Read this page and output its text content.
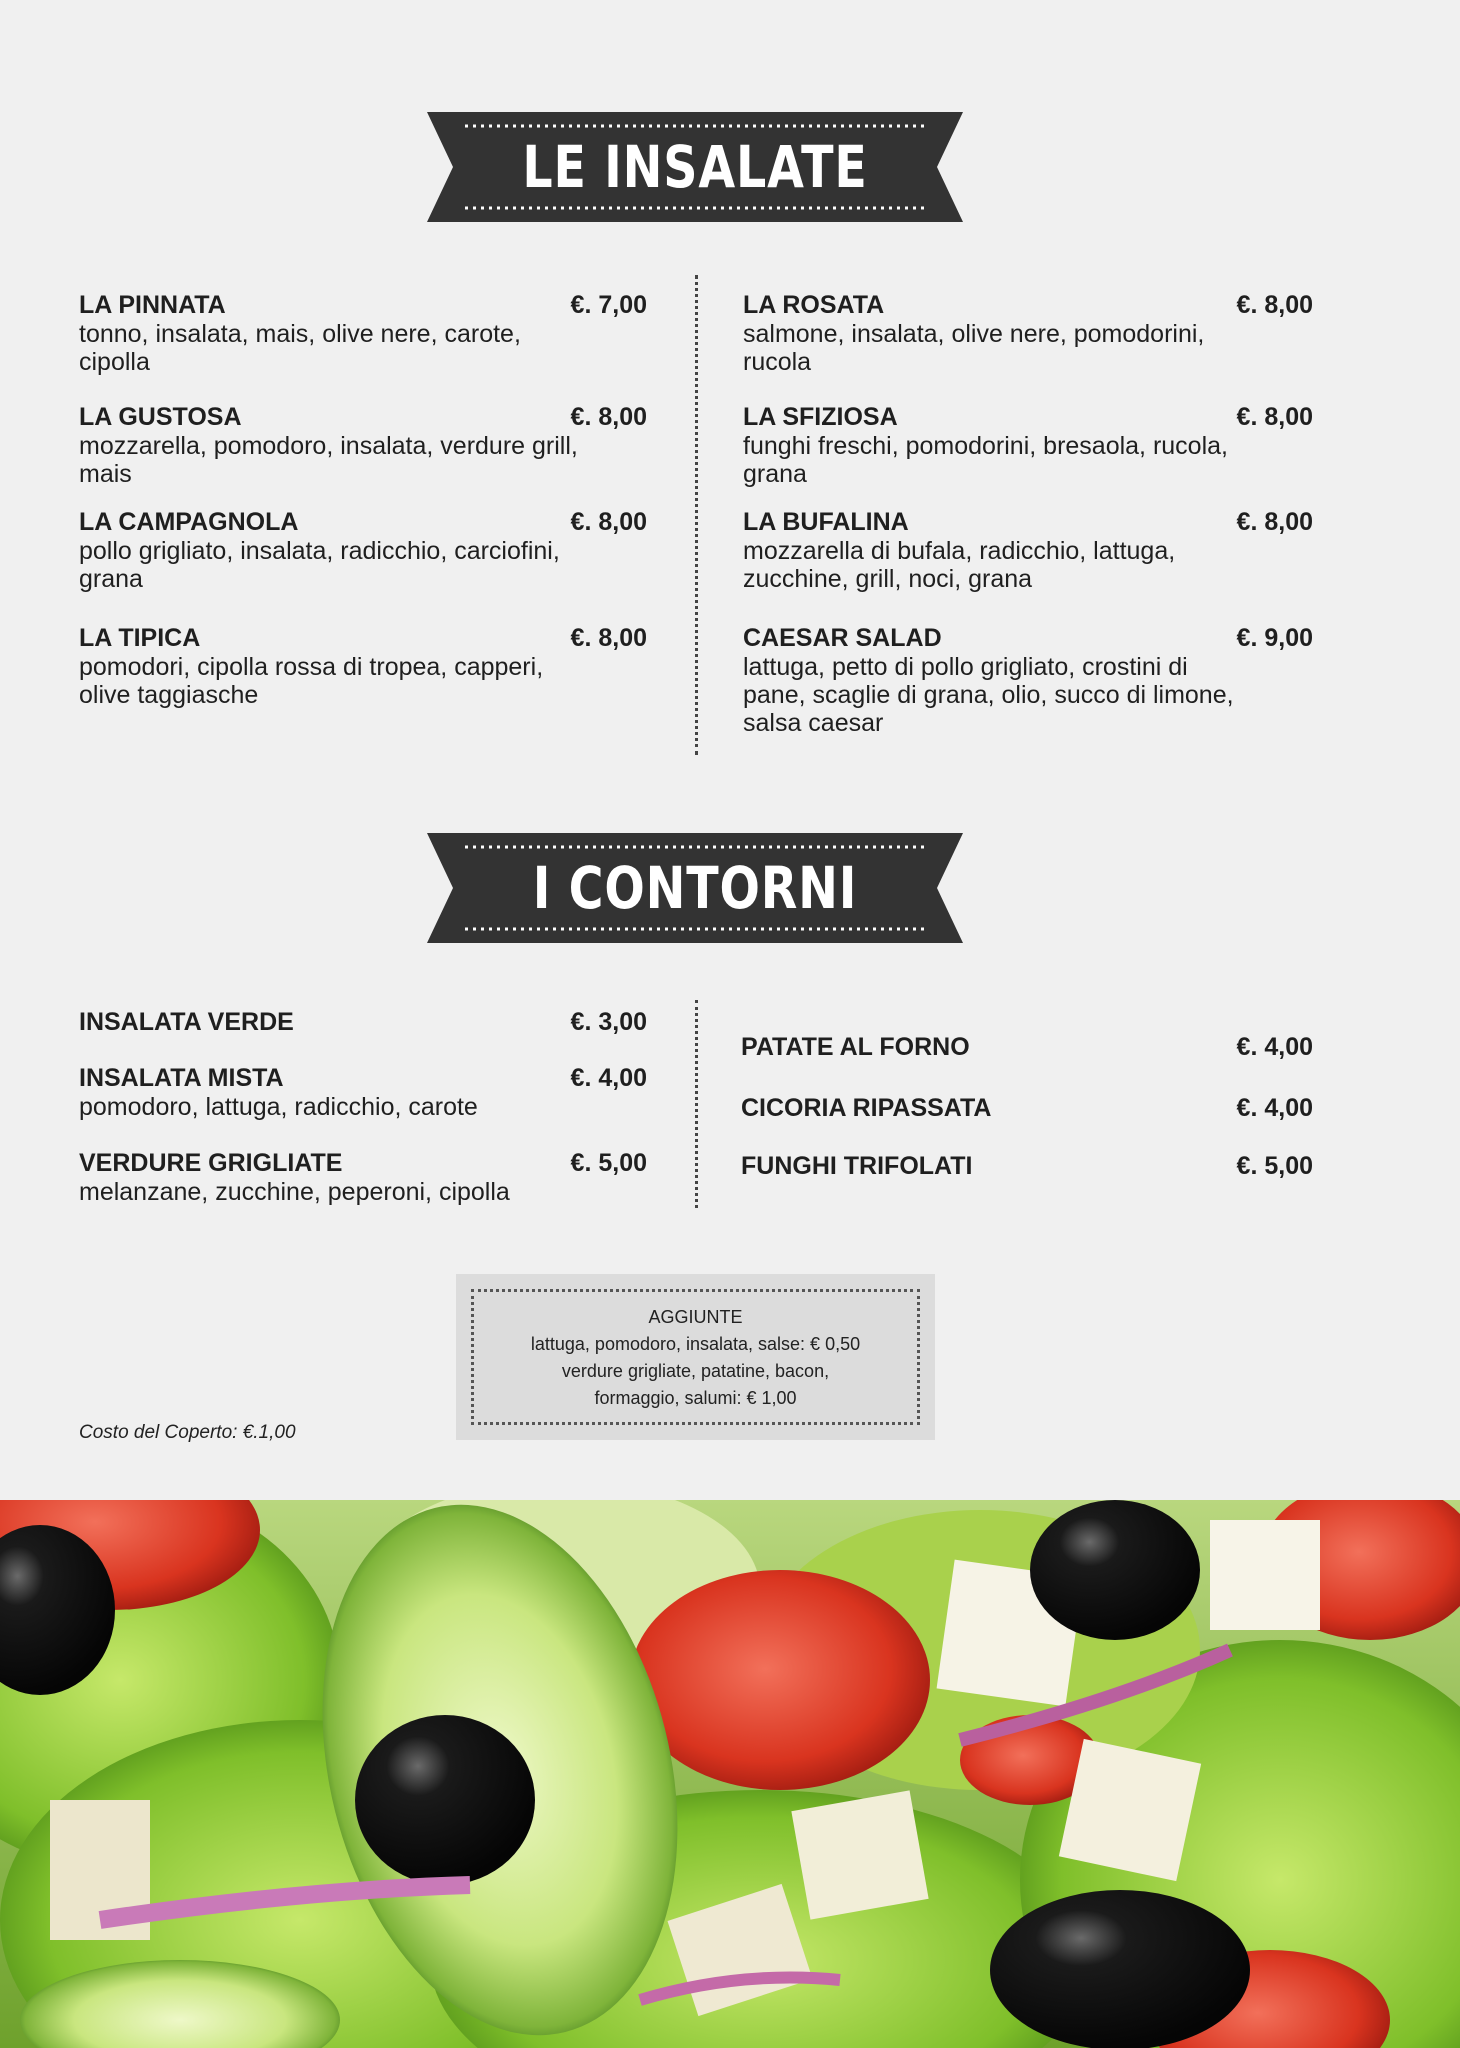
LE INSALATE
LA PINNATA	€. 7,00
tonno, insalata, mais, olive nere, carote, cipolla
LA GUSTOSA	€. 8,00
mozzarella, pomodoro, insalata, verdure grill, mais
LA CAMPAGNOLA	€. 8,00
pollo grigliato, insalata, radicchio, carciofini, grana
LA TIPICA	€. 8,00
pomodori, cipolla rossa di tropea, capperi, olive taggiasche
LA ROSATA	€. 8,00
salmone, insalata, olive nere, pomodorini, rucola
LA SFIZIOSA	€. 8,00
funghi freschi, pomodorini, bresaola, rucola, grana
LA BUFALINA	€. 8,00
mozzarella di bufala, radicchio, lattuga, zucchine, grill, noci, grana
CAESAR SALAD	€. 9,00
lattuga, petto di pollo grigliato, crostini di pane, scaglie di grana, olio, succo di limone, salsa caesar
I CONTORNI
INSALATA VERDE	€. 3,00
INSALATA MISTA	€. 4,00
pomodoro, lattuga, radicchio, carote
VERDURE GRIGLIATE	€. 5,00
melanzane, zucchine, peperoni, cipolla
PATATE AL FORNO	€. 4,00
CICORIA RIPASSATA	€. 4,00
FUNGHI TRIFOLATI	€. 5,00
AGGIUNTE
lattuga, pomodoro, insalata, salse: € 0,50
verdure grigliate, patatine, bacon,
formaggio, salumi: € 1,00
Costo del Coperto: €.1,00
